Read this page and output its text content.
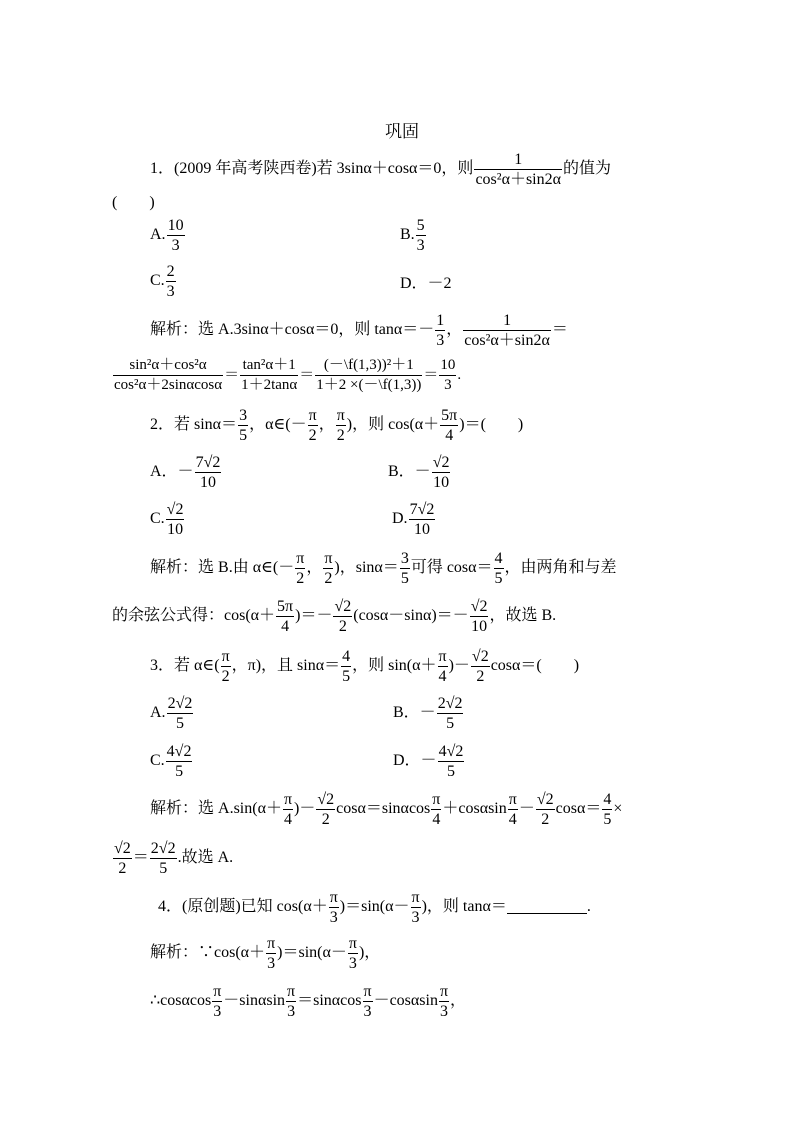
巩固
1．(2009 年高考陕西卷)若 3sinα＋cosα＝0，则 $\frac{1}{\text{cos²α＋sin2α}}$ 的值为
(　　)
A. $\frac{10}{3}$	B. $\frac{5}{3}$
C. $\frac{2}{3}$	D．－2
解析：选 A.3sinα＋cosα＝0，则 $\tan\alpha=- \frac{1}{3}$ ， $\frac{1}{\text{cos²α＋sin2α}}$ ＝
$\frac{\text{sin²α＋cos²α}}{\text{cos²α＋2sinαcosα}} = \frac{\text{tan²α＋1}}{1+2\tan\alpha} = \frac{\text{(－\textbackslash{}f(1,3))²＋1}}{1+2 \times(-\backslash f(1,3))} = \frac{10}{3}$ .
2．若 $\sin\alpha= \frac{3}{5}$ ，α∈(－ $\frac{\pi}{2}$ ， $\frac{\pi}{2}$ )，则 $\cos(\alpha+ \frac{5\pi}{4}$ )＝(　　)
A．－ $\frac{7√2}{10}$	B．－ $\frac{√2}{10}$
C. $\frac{√2}{10}$	D. $\frac{7√2}{10}$
解析：选 B.由 α∈(－ $\frac{\pi}{2}$ ， $\frac{\pi}{2}$ )，$\sin\alpha= \frac{3}{5}$ 可得 $\cos\alpha= \frac{4}{5}$ ，由两角和与差
的余弦公式得：$\cos(\alpha+ \frac{5\pi}{4}$ )＝－ $\frac{√2}{2} (\cos\alpha-\sin\alpha)=- \frac{√2}{10}$ ，故选 B.
3．若 α∈( $\frac{\pi}{2}$ ，π)，且 $\sin\alpha= \frac{4}{5}$ ，则 $\sin(\alpha+ \frac{\pi}{4}$ )－ $\frac{√2}{2} \cos\alpha=$(　　)
A. $\frac{2√2}{5}$	B．－ $\frac{2√2}{5}$
C. $\frac{4√2}{5}$	D．－ $\frac{4√2}{5}$
解析：选 $A.\sin(\alpha+ \frac{\pi}{4}$ )－ $\frac{√2}{2} \cos\alpha=\sin\alpha\cos \frac{\pi}{4} +\cos\alpha\sin \frac{\pi}{4} - \frac{√2}{2} \cos\alpha= \frac{4}{5}$ ×
$\frac{√2}{2} = \frac{2√2}{5}$ .故选 A.
4．(原创题)已知 $\cos(\alpha+ \frac{\pi}{3} )=\sin(\alpha- \frac{\pi}{3}$ )，则 tanα＝	.
解析：∵cos(α＋ $\frac{\pi}{3} )=\sin(\alpha- \frac{\pi}{3}$ )，
∴cosαcos $\frac{\pi}{3} -\sin\alpha\sin \frac{\pi}{3} =\sin\alpha\cos \frac{\pi}{3} -\cos\alpha\sin \frac{\pi}{3}$ ，
